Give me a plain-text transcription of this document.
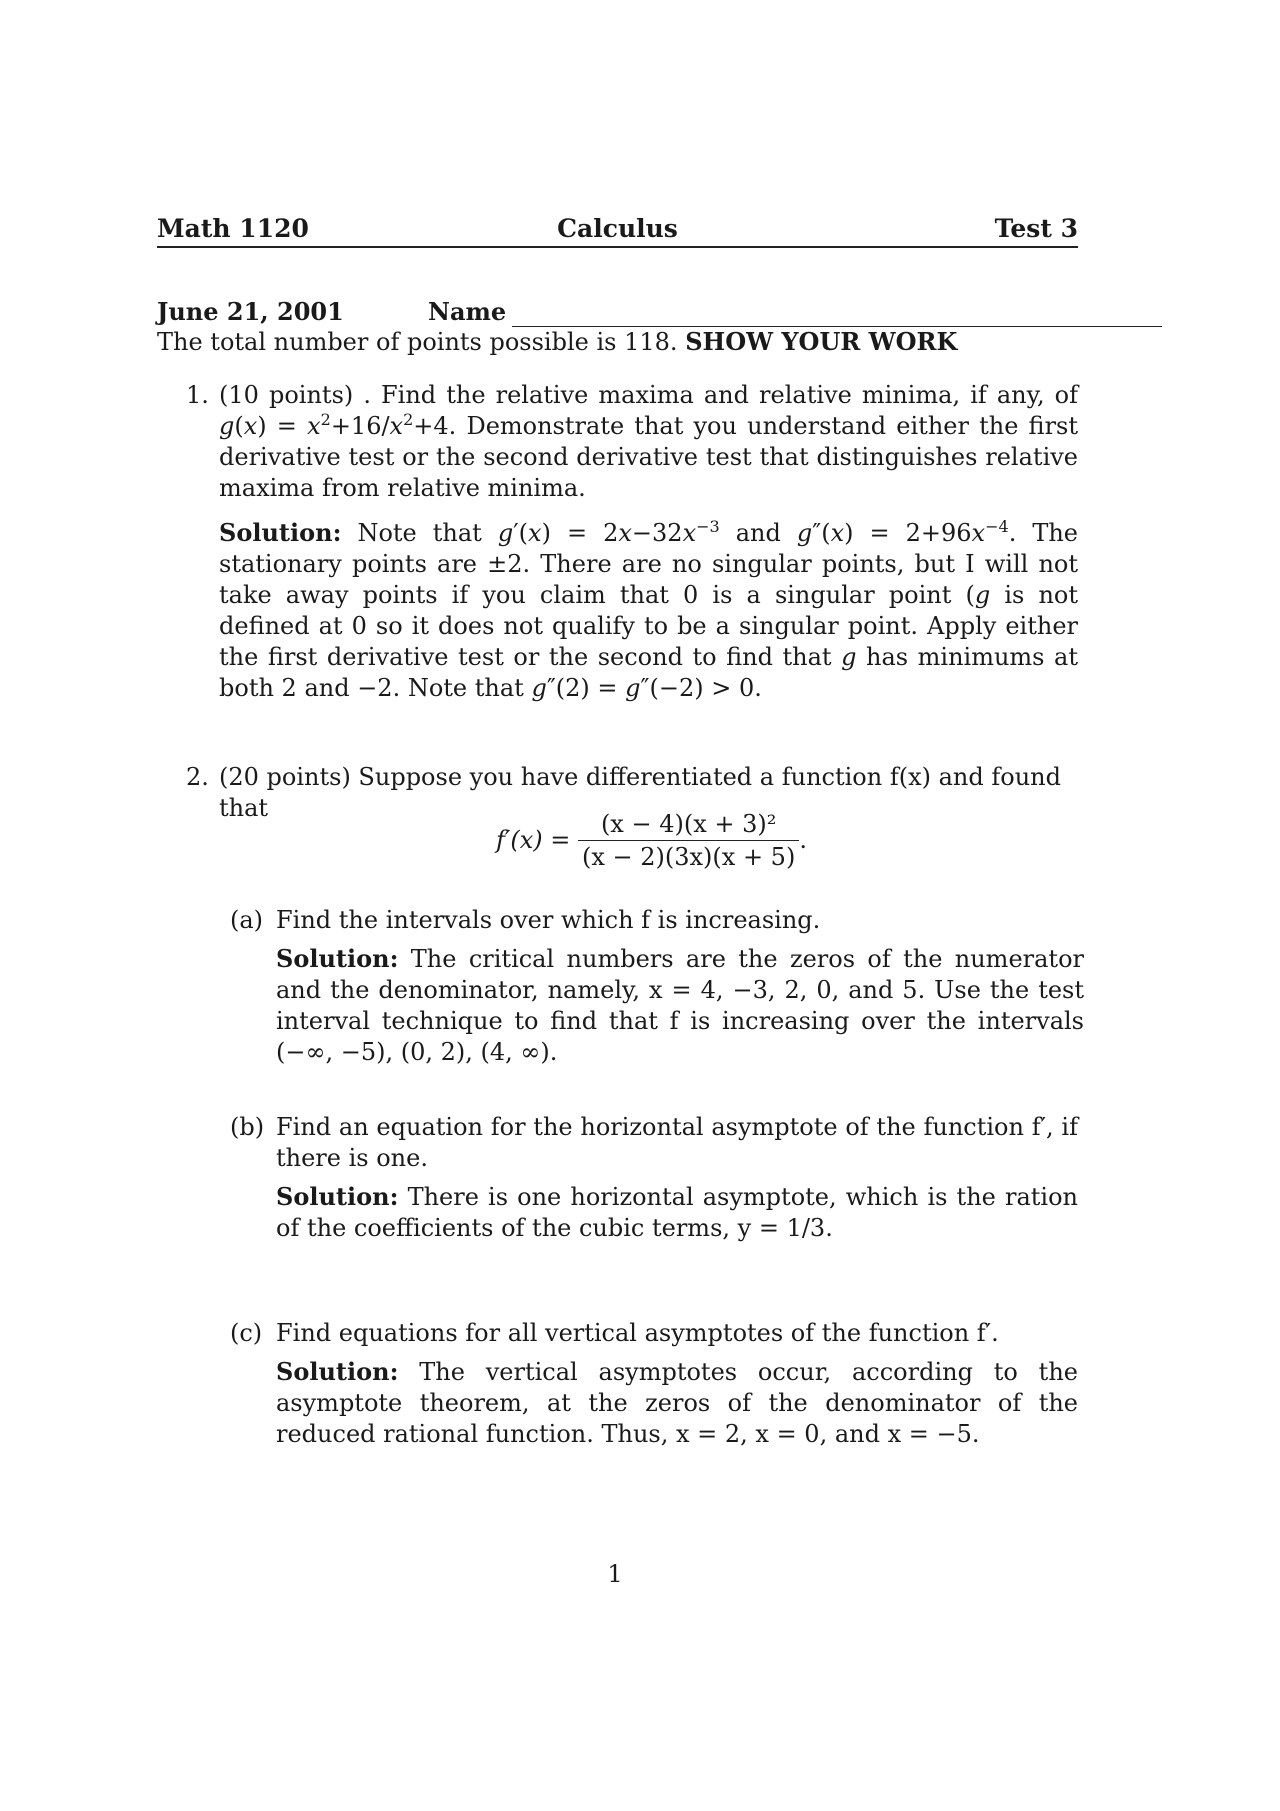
Math 1120	Calculus	Test 3
June 21, 2001	Name
The total number of points possible is 118. SHOW YOUR WORK
1. (10 points) . Find the relative maxima and relative minima, if any, of $g(x) = x^2+16/x^2+4$. Demonstrate that you understand either the first derivative test or the second derivative test that distinguishes relative maxima from relative minima.
Solution: Note that $g'(x) = 2x-32x^{-3}$ and $g''(x) = 2+96x^{-4}$. The stationary points are ±2. There are no singular points, but I will not take away points if you claim that 0 is a singular point (g is not defined at 0 so it does not qualify to be a singular point. Apply either the first derivative test or the second to find that g has minimums at both 2 and −2. Note that g″(2) = g″(−2) > 0.
2. (20 points) Suppose you have differentiated a function f(x) and found that
$f'(x) = \frac{\text{(x − 4)(x + 3)²}}{(x - 2)(3x)(x + 5)}$ .
(a) Find the intervals over which f is increasing.
Solution: The critical numbers are the zeros of the numerator and the denominator, namely, x = 4, −3, 2, 0, and 5. Use the test interval technique to find that f is increasing over the intervals (−∞, −5), (0, 2), (4, ∞).
(b) Find an equation for the horizontal asymptote of the function f′, if there is one.
Solution: There is one horizontal asymptote, which is the ration of the coefficients of the cubic terms, y = 1/3.
(c) Find equations for all vertical asymptotes of the function f′.
Solution: The vertical asymptotes occur, according to the asymptote theorem, at the zeros of the denominator of the reduced rational function. Thus, x = 2, x = 0, and x = −5.
1
